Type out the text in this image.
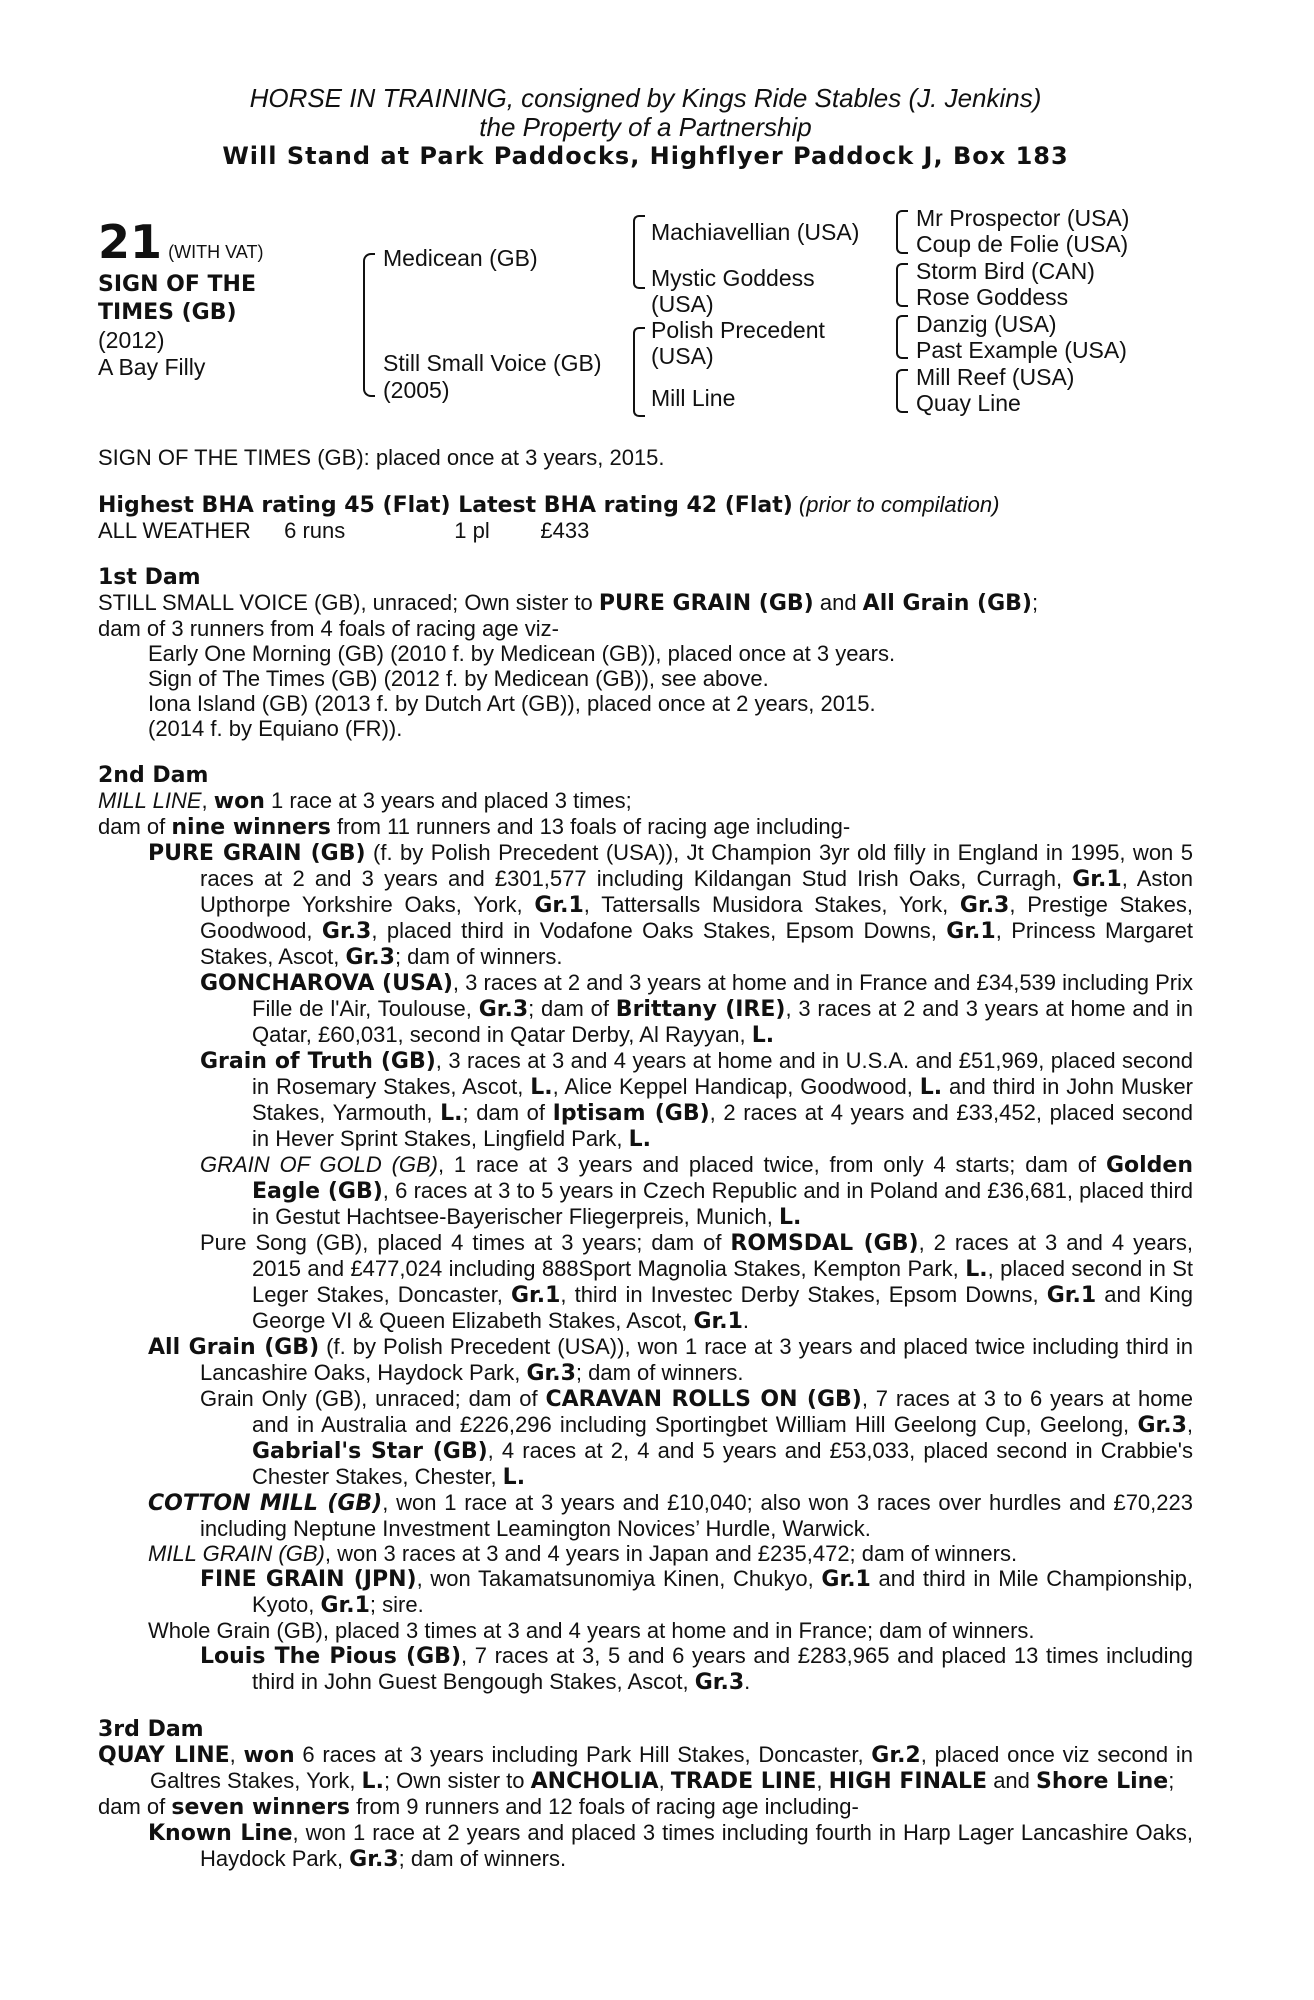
HORSE IN TRAINING, consigned by Kings Ride Stables (J. Jenkins)
the Property of a Partnership
Will Stand at Park Paddocks, Highflyer Paddock J, Box 183
21 (WITH VAT)
SIGN OF THE
TIMES (GB)
(2012)
A Bay Filly
Medicean (GB)
Still Small Voice (GB)
(2005)
Machiavellian (USA)
Mystic Goddess
(USA)
Polish Precedent
(USA)
Mill Line
Mr Prospector (USA)
Coup de Folie (USA)
Storm Bird (CAN)
Rose Goddess
Danzig (USA)
Past Example (USA)
Mill Reef (USA)
Quay Line
SIGN OF THE TIMES (GB): placed once at 3 years, 2015.
Highest BHA rating 45 (Flat) Latest BHA rating 42 (Flat) (prior to compilation)
ALL WEATHER 6 runs	1 pl £433
1st Dam
STILL SMALL VOICE (GB), unraced; Own sister to PURE GRAIN (GB) and All Grain (GB);
dam of 3 runners from 4 foals of racing age viz-
Early One Morning (GB) (2010 f. by Medicean (GB)), placed once at 3 years.
Sign of The Times (GB) (2012 f. by Medicean (GB)), see above.
Iona Island (GB) (2013 f. by Dutch Art (GB)), placed once at 2 years, 2015.
(2014 f. by Equiano (FR)).
2nd Dam
MILL LINE, won 1 race at 3 years and placed 3 times;
dam of nine winners from 11 runners and 13 foals of racing age including-
PURE GRAIN (GB) (f. by Polish Precedent (USA)), Jt Champion 3yr old filly in England in 1995, won 5 races at 2 and 3 years and £301,577 including Kildangan Stud Irish Oaks, Curragh, Gr.1, Aston Upthorpe Yorkshire Oaks, York, Gr.1, Tattersalls Musidora Stakes, York, Gr.3, Prestige Stakes, Goodwood, Gr.3, placed third in Vodafone Oaks Stakes, Epsom Downs, Gr.1, Princess Margaret Stakes, Ascot, Gr.3; dam of winners.
GONCHAROVA (USA), 3 races at 2 and 3 years at home and in France and £34,539 including Prix Fille de l'Air, Toulouse, Gr.3; dam of Brittany (IRE), 3 races at 2 and 3 years at home and in Qatar, £60,031, second in Qatar Derby, Al Rayyan, L.
Grain of Truth (GB), 3 races at 3 and 4 years at home and in U.S.A. and £51,969, placed second in Rosemary Stakes, Ascot, L., Alice Keppel Handicap, Goodwood, L. and third in John Musker Stakes, Yarmouth, L.; dam of Iptisam (GB), 2 races at 4 years and £33,452, placed second in Hever Sprint Stakes, Lingfield Park, L.
GRAIN OF GOLD (GB), 1 race at 3 years and placed twice, from only 4 starts; dam of Golden Eagle (GB), 6 races at 3 to 5 years in Czech Republic and in Poland and £36,681, placed third in Gestut Hachtsee-Bayerischer Fliegerpreis, Munich, L.
Pure Song (GB), placed 4 times at 3 years; dam of ROMSDAL (GB), 2 races at 3 and 4 years, 2015 and £477,024 including 888Sport Magnolia Stakes, Kempton Park, L., placed second in St Leger Stakes, Doncaster, Gr.1, third in Investec Derby Stakes, Epsom Downs, Gr.1 and King George VI & Queen Elizabeth Stakes, Ascot, Gr.1.
All Grain (GB) (f. by Polish Precedent (USA)), won 1 race at 3 years and placed twice including third in Lancashire Oaks, Haydock Park, Gr.3; dam of winners.
Grain Only (GB), unraced; dam of CARAVAN ROLLS ON (GB), 7 races at 3 to 6 years at home and in Australia and £226,296 including Sportingbet William Hill Geelong Cup, Geelong, Gr.3, Gabrial's Star (GB), 4 races at 2, 4 and 5 years and £53,033, placed second in Crabbie's Chester Stakes, Chester, L.
COTTON MILL (GB), won 1 race at 3 years and £10,040; also won 3 races over hurdles and £70,223 including Neptune Investment Leamington Novices’ Hurdle, Warwick.
MILL GRAIN (GB), won 3 races at 3 and 4 years in Japan and £235,472; dam of winners.
FINE GRAIN (JPN), won Takamatsunomiya Kinen, Chukyo, Gr.1 and third in Mile Championship, Kyoto, Gr.1; sire.
Whole Grain (GB), placed 3 times at 3 and 4 years at home and in France; dam of winners.
Louis The Pious (GB), 7 races at 3, 5 and 6 years and £283,965 and placed 13 times including third in John Guest Bengough Stakes, Ascot, Gr.3.
3rd Dam
QUAY LINE, won 6 races at 3 years including Park Hill Stakes, Doncaster, Gr.2, placed once viz second in Galtres Stakes, York, L.; Own sister to ANCHOLIA, TRADE LINE, HIGH FINALE and Shore Line;
dam of seven winners from 9 runners and 12 foals of racing age including-
Known Line, won 1 race at 2 years and placed 3 times including fourth in Harp Lager Lancashire Oaks, Haydock Park, Gr.3; dam of winners.
